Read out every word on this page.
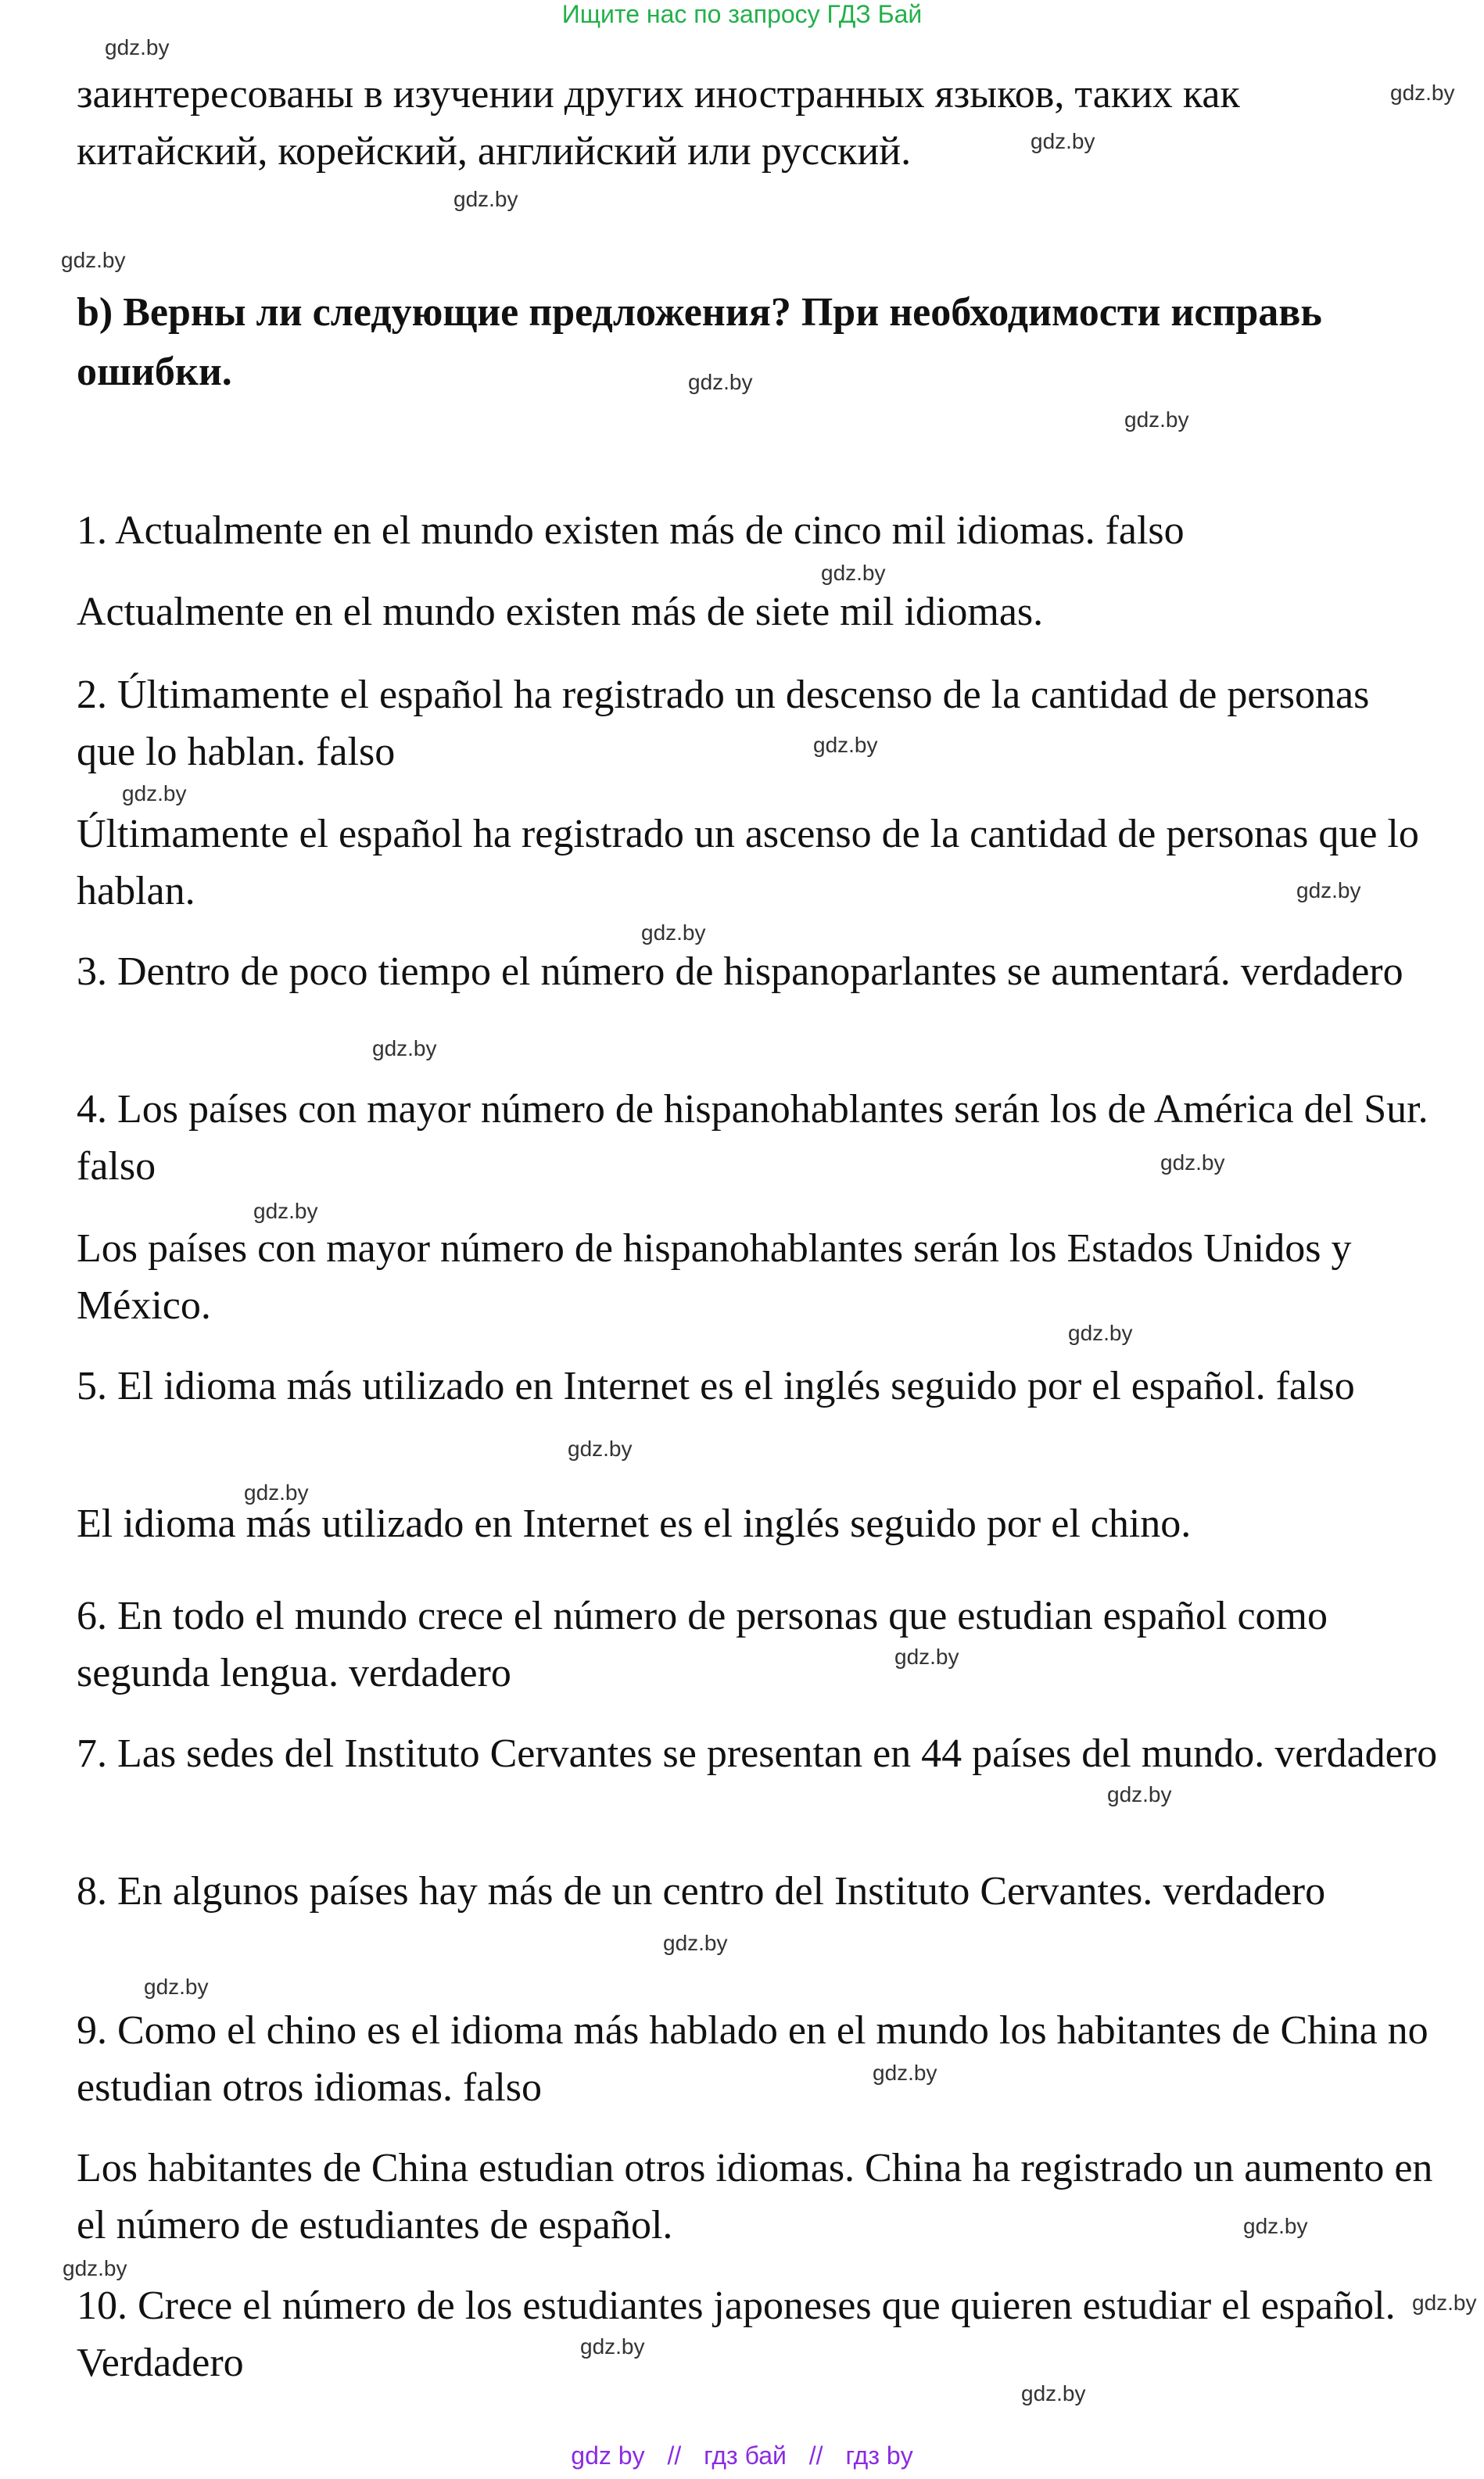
Ищите нас по запросу ГДЗ Бай

заинтересованы в изучении других иностранных языков, таких как китайский, корейский, английский или русский.

b) Верны ли следующие предложения? При необходимости исправь ошибки.

1. Actualmente en el mundo existen más de cinco mil idiomas. falso

Actualmente en el mundo existen más de siete mil idiomas.

2. Últimamente el español ha registrado un descenso de la cantidad de personas que lo hablan. falso

Últimamente el español ha registrado un ascenso de la cantidad de personas que lo hablan.

3. Dentro de poco tiempo el número de hispanoparlantes se aumentará. verdadero

4. Los países con mayor número de hispanohablantes serán los de América del Sur. falso

Los países con mayor número de hispanohablantes serán los Estados Unidos y México.

5. El idioma más utilizado en Internet es el inglés seguido por el español. falso

El idioma más utilizado en Internet es el inglés seguido por el chino.

6. En todo el mundo crece el número de personas que estudian español como segunda lengua. verdadero

7. Las sedes del Instituto Cervantes se presentan en 44 países del mundo. verdadero

8. En algunos países hay más de un centro del Instituto Cervantes. verdadero

9. Como el chino es el idioma más hablado en el mundo los habitantes de China no estudian otros idiomas. falso

Los habitantes de China estudian otros idiomas. China ha registrado un aumento en el número de estudiantes de español.

10. Crece el número de los estudiantes japoneses que quieren estudiar el español. Verdadero

gdz.by
gdz.by
gdz.by
gdz.by
gdz.by
gdz.by
gdz.by
gdz.by
gdz.by
gdz.by
gdz.by
gdz.by
gdz.by
gdz.by
gdz.by
gdz.by
gdz.by
gdz.by
gdz.by
gdz.by
gdz.by
gdz.by
gdz.by
gdz.by
gdz.by
gdz.by
gdz.by
gdz.by
gdz by // гдз бай // гдз by
